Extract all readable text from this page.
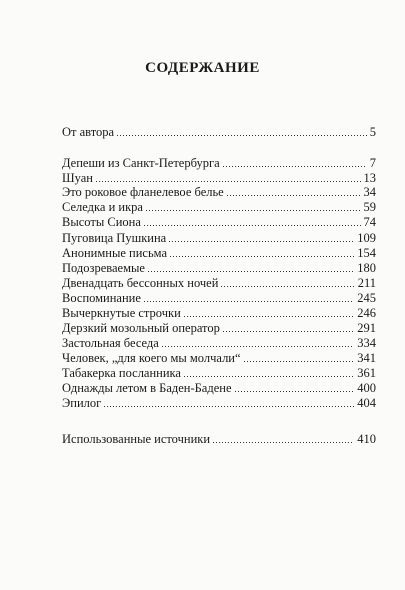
СОДЕРЖАНИЕ
От автора	5
Депеши из Санкт-Петербурга	7
Шуан	13
Это роковое фланелевое белье	34
Селедка и икра	59
Высоты Сиона	74
Пуговица Пушкина	109
Анонимные письма	154
Подозреваемые	180
Двенадцать бессонных ночей	211
Воспоминание	245
Вычеркнутые строчки	246
Дерзкий мозольный оператор	291
Застольная беседа	334
Человек, „для коего мы молчали“	341
Табакерка посланника	361
Однажды летом в Баден-Бадене	400
Эпилог	404
Использованные источники	410
